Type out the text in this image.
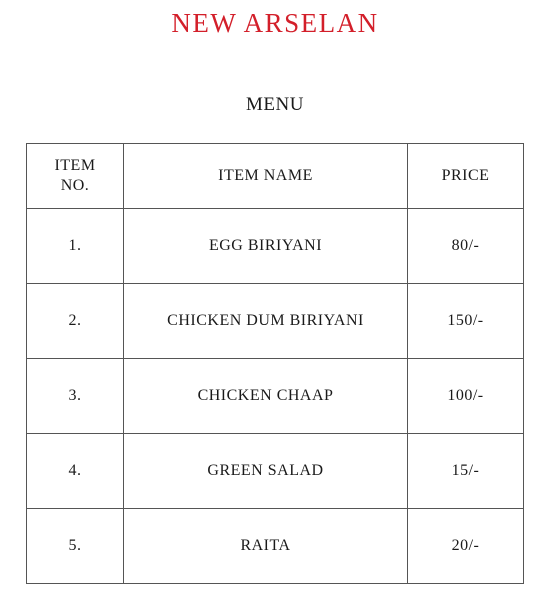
NEW ARSELAN
MENU
ITEM
NO.	ITEM NAME	PRICE
1.	EGG BIRIYANI	80/-
2.	CHICKEN DUM BIRIYANI	150/-
3.	CHICKEN CHAAP	100/-
4.	GREEN SALAD	15/-
5.	RAITA	20/-
